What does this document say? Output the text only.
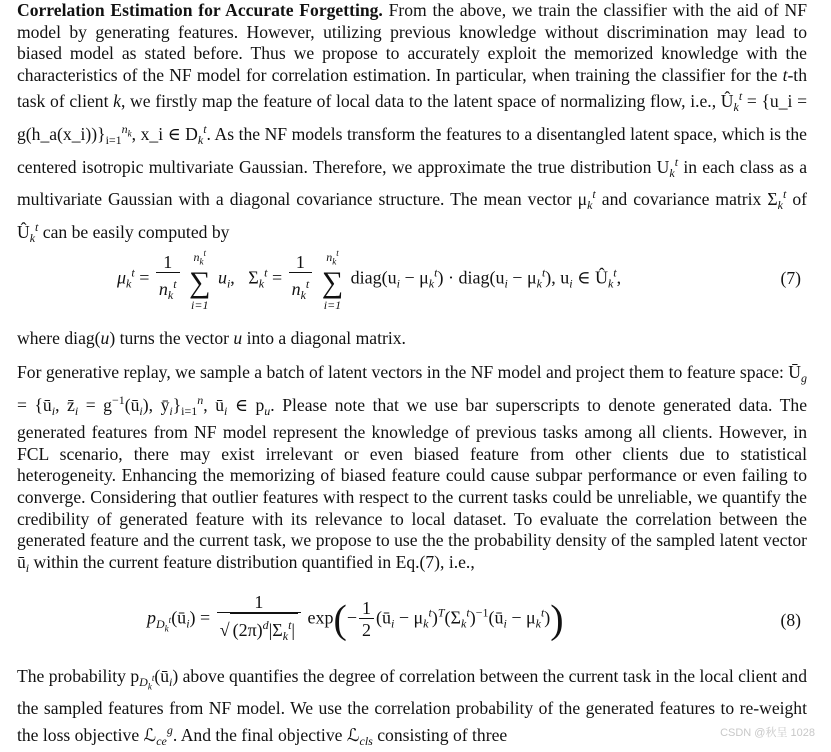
Correlation Estimation for Accurate Forgetting. From the above, we train the classifier with the aid of NF model by generating features. However, utilizing previous knowledge without discrimination may lead to biased model as stated before. Thus we propose to accurately exploit the memorized knowledge with the characteristics of the NF model for correlation estimation. In particular, when training the classifier for the t-th task of client k, we firstly map the feature of local data to the latent space of normalizing flow, i.e., $Û_k^t$ = {u_i = $g(h\_a(x\_i))\}_{i=1}^{n_k}$, x_i ∈ $D_k^t$. As the NF models transform the features to a disentangled latent space, which is the centered isotropic multivariate Gaussian. Therefore, we approximate the true distribution $U_k^t$ in each class as a multivariate Gaussian with a diagonal covariance structure. The mean vector $\mu_k^t$ and covariance matrix $\Sigma_k^t$ of $Û_k^t$ can be easily computed by

$\mu_k^t = \frac{1}{n_k^t}$
	$n_k^t$
∑
i=1
$u_i$,   $\Sigma_k^t = \frac{1}{n_k^t}$
	$n_k^t$
∑
i=1
$diag(u_i - \mu_k^t)$ · $diag(u_i - \mu_k^t)$, $u_i$ ∈ $Û_k^t$,	(7)

where diag(u) turns the vector u into a diagonal matrix.

For generative replay, we sample a batch of latent vectors in the NF model and project them to feature space: $Ū_g$ = {$ū_i$, $z̄_i$ = $g^{-1}(ū_i)$, $ȳ_i\}_{i=1}^n$, $ū_i$ ∈ $p_u$. Please note that we use bar superscripts to denote generated data. The generated features from NF model represent the knowledge of previous tasks among all clients. However, in FCL scenario, there may exist irrelevant or even biased feature from other clients due to statistical heterogeneity. Enhancing the memorizing of biased feature could cause subpar performance or even failing to converge. Considering that outlier features with respect to the current tasks could be unreliable, we quantify the credibility of generated feature with its relevance to local dataset. To evaluate the correlation between the generated feature and the current task, we propose to use the the probability density of the sampled latent vector $ū_i$ within the current feature distribution quantified in Eq.(7), i.e.,

$p_{D_k^t}(ū_i) = \frac{1}{√ (2\pi)^d|\Sigma_k^t|} \exp(- \frac{1}{2}$ ($ū_i$ − $\mu_k^t)^T(\Sigma_k^t)^{-1}(ū_i - \mu_k^t)$)	(8)

The probability $p_{D_k^t}(ū_i)$ above quantifies the degree of correlation between the current task in the local client and the sampled features from NF model. We use the correlation probability of the generated features to re-weight the loss objective ℒ$_{ce}^g$. And the final objective ℒ$_{cls}$ consisting of three	CSDN @秋呈 1028
